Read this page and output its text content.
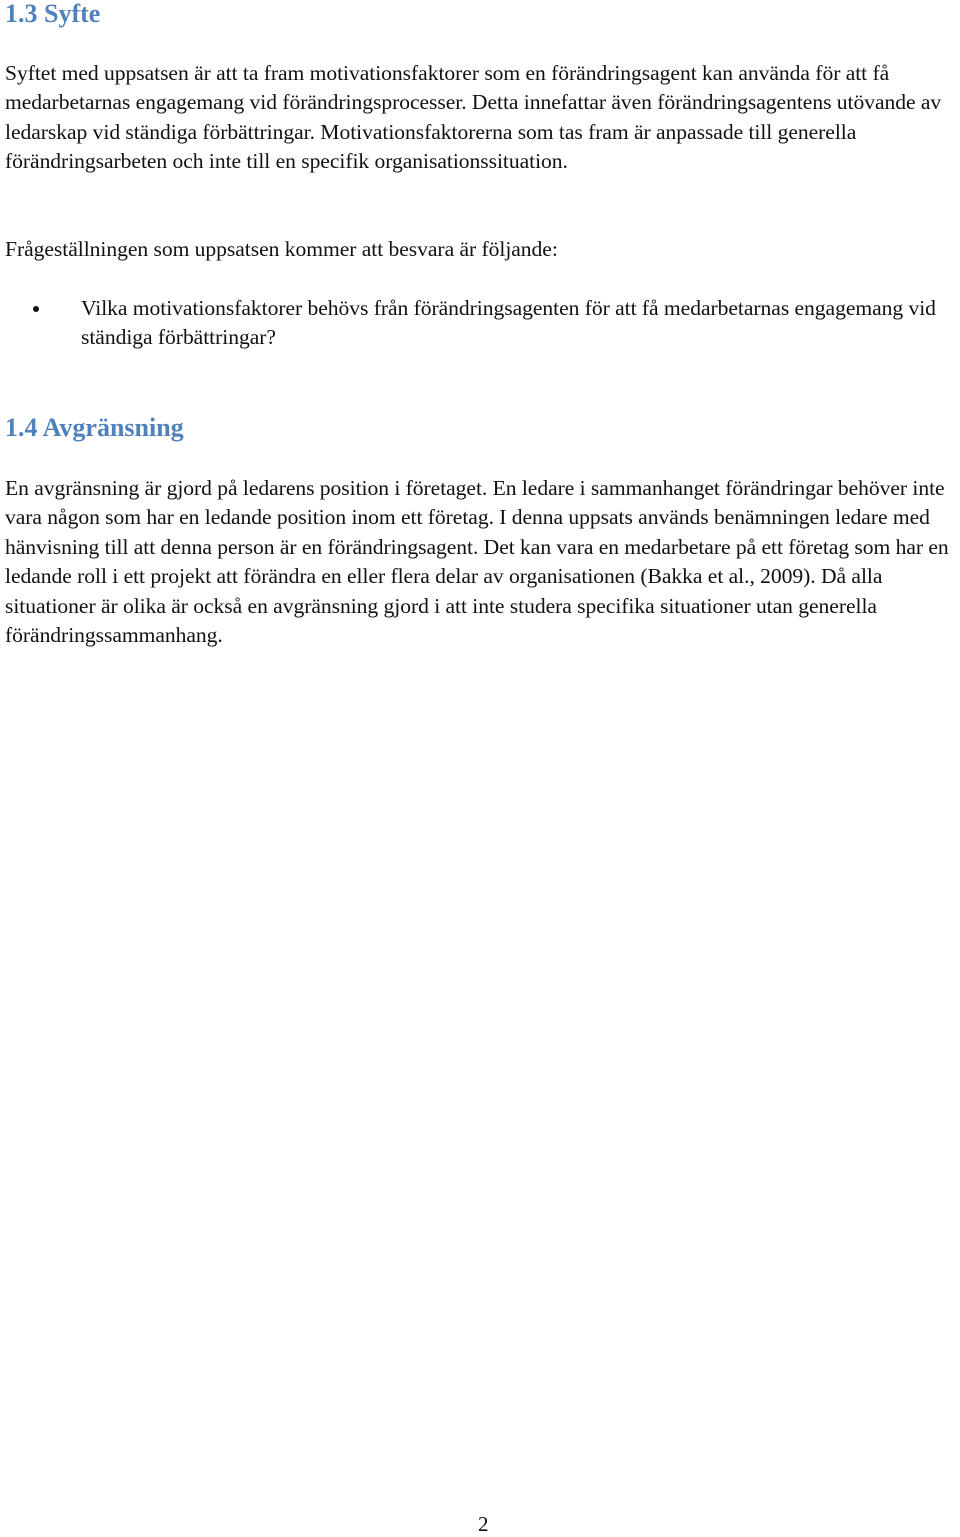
1.3 Syfte

Syftet med uppsatsen är att ta fram motivationsfaktorer som en förändringsagent kan använda för att få medarbetarnas engagemang vid förändringsprocesser. Detta innefattar även förändringsagentens utövande av ledarskap vid ständiga förbättringar. Motivationsfaktorerna som tas fram är anpassade till generella förändringsarbeten och inte till en specifik organisationssituation.

Frågeställningen som uppsatsen kommer att besvara är följande:

Vilka motivationsfaktorer behövs från förändringsagenten för att få medarbetarnas engagemang vid ständiga förbättringar?
1.4 Avgränsning

En avgränsning är gjord på ledarens position i företaget. En ledare i sammanhanget förändringar behöver inte vara någon som har en ledande position inom ett företag. I denna uppsats används benämningen ledare med hänvisning till att denna person är en förändringsagent. Det kan vara en medarbetare på ett företag som har en ledande roll i ett projekt att förändra en eller flera delar av organisationen (Bakka et al., 2009). Då alla situationer är olika är också en avgränsning gjord i att inte studera specifika situationer utan generella förändringssammanhang.

2
